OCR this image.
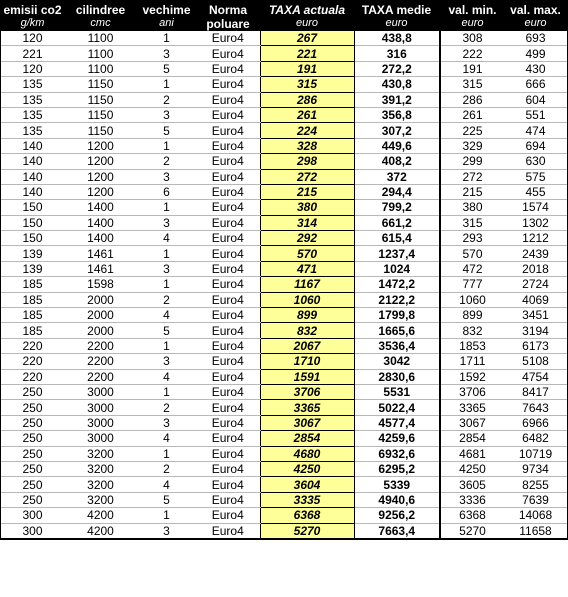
emisii co2	cilindree	vechime	Norma	TAXA actuala	TAXA medie	val. min.	val. max.
g/km	cmc	ani	poluare	euro	euro	euro	euro
120	1100	1	Euro4	267	438,8	308	693
221	1100	3	Euro4	221	316	222	499
120	1100	5	Euro4	191	272,2	191	430
135	1150	1	Euro4	315	430,8	315	666
135	1150	2	Euro4	286	391,2	286	604
135	1150	3	Euro4	261	356,8	261	551
135	1150	5	Euro4	224	307,2	225	474
140	1200	1	Euro4	328	449,6	329	694
140	1200	2	Euro4	298	408,2	299	630
140	1200	3	Euro4	272	372	272	575
140	1200	6	Euro4	215	294,4	215	455
150	1400	1	Euro4	380	799,2	380	1574
150	1400	3	Euro4	314	661,2	315	1302
150	1400	4	Euro4	292	615,4	293	1212
139	1461	1	Euro4	570	1237,4	570	2439
139	1461	3	Euro4	471	1024	472	2018
185	1598	1	Euro4	1167	1472,2	777	2724
185	2000	2	Euro4	1060	2122,2	1060	4069
185	2000	4	Euro4	899	1799,8	899	3451
185	2000	5	Euro4	832	1665,6	832	3194
220	2200	1	Euro4	2067	3536,4	1853	6173
220	2200	3	Euro4	1710	3042	1711	5108
220	2200	4	Euro4	1591	2830,6	1592	4754
250	3000	1	Euro4	3706	5531	3706	8417
250	3000	2	Euro4	3365	5022,4	3365	7643
250	3000	3	Euro4	3067	4577,4	3067	6966
250	3000	4	Euro4	2854	4259,6	2854	6482
250	3200	1	Euro4	4680	6932,6	4681	10719
250	3200	2	Euro4	4250	6295,2	4250	9734
250	3200	4	Euro4	3604	5339	3605	8255
250	3200	5	Euro4	3335	4940,6	3336	7639
300	4200	1	Euro4	6368	9256,2	6368	14068
300	4200	3	Euro4	5270	7663,4	5270	11658
